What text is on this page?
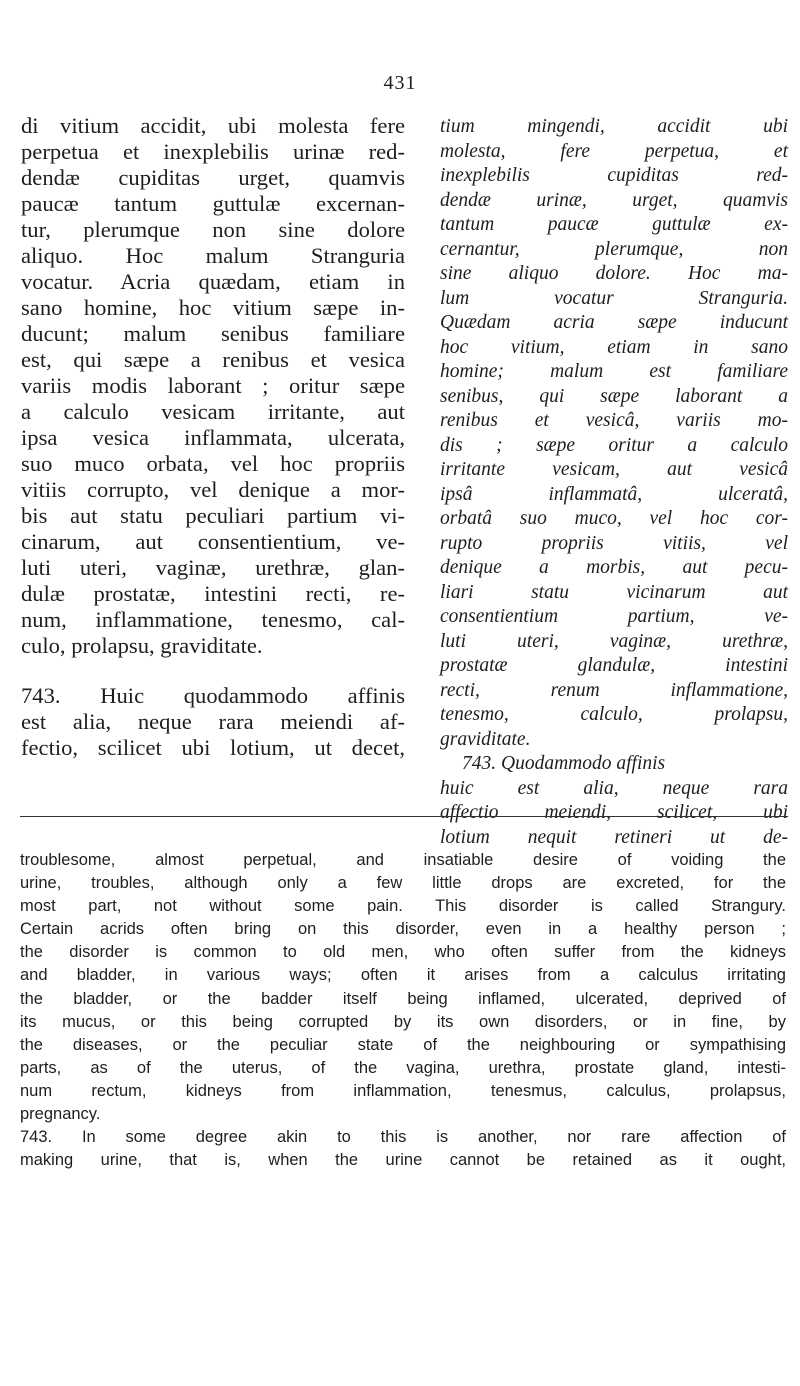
431
di vitium accidit, ubi molesta fere
perpetua et inexplebilis urinæ red-
dendæ cupiditas urget, quamvis
paucæ tantum guttulæ excernan-
tur, plerumque non sine dolore
aliquo. Hoc malum Stranguria
vocatur. Acria quædam, etiam in
sano homine, hoc vitium sæpe in-
ducunt; malum senibus familiare
est, qui sæpe a renibus et vesica
variis modis laborant ; oritur sæpe
a calculo vesicam irritante, aut
ipsa vesica inflammata, ulcerata,
suo muco orbata, vel hoc propriis
vitiis corrupto, vel denique a mor-
bis aut statu peculiari partium vi-
cinarum, aut consentientium, ve-
luti uteri, vaginæ, urethræ, glan-
dulæ prostatæ, intestini recti, re-
num, inflammatione, tenesmo, cal-
culo, prolapsu, graviditate.
743. Huic quodammodo affinis
est alia, neque rara meiendi af-
fectio, scilicet ubi lotium, ut decet,
tium mingendi, accidit ubi
molesta, fere perpetua, et
inexplebilis cupiditas red-
dendæ urinæ, urget, quamvis
tantum paucæ guttulæ ex-
cernantur, plerumque, non
sine aliquo dolore. Hoc ma-
lum vocatur Stranguria.
Quædam acria sæpe inducunt
hoc vitium, etiam in sano
homine; malum est familiare
senibus, qui sæpe laborant a
renibus et vesicâ, variis mo-
dis ; sæpe oritur a calculo
irritante vesicam, aut vesicâ
ipsâ inflammatâ, ulceratâ,
orbatâ suo muco, vel hoc cor-
rupto propriis vitiis, vel
denique a morbis, aut pecu-
liari statu vicinarum aut
consentientium partium, ve-
luti uteri, vaginæ, urethræ,
prostatæ glandulæ, intestini
recti, renum inflammatione,
tenesmo, calculo, prolapsu,
graviditate.
743. Quodammodo affinis
huic est alia, neque rara
affectio meiendi, scilicet, ubi
lotium nequit retineri ut de-
troublesome, almost perpetual, and insatiable desire of voiding the
urine, troubles, although only a few little drops are excreted, for the
most part, not without some pain. This disorder is called Strangury.
Certain acrids often bring on this disorder, even in a healthy person ;
the disorder is common to old men, who often suffer from the kidneys
and bladder, in various ways; often it arises from a calculus irritating
the bladder, or the badder itself being inflamed, ulcerated, deprived of
its mucus, or this being corrupted by its own disorders, or in fine, by
the diseases, or the peculiar state of the neighbouring or sympathising
parts, as of the uterus, of the vagina, urethra, prostate gland, intesti-
num rectum, kidneys from inflammation, tenesmus, calculus, prolapsus,
pregnancy.
743. In some degree akin to this is another, nor rare affection of
making urine, that is, when the urine cannot be retained as it ought,
